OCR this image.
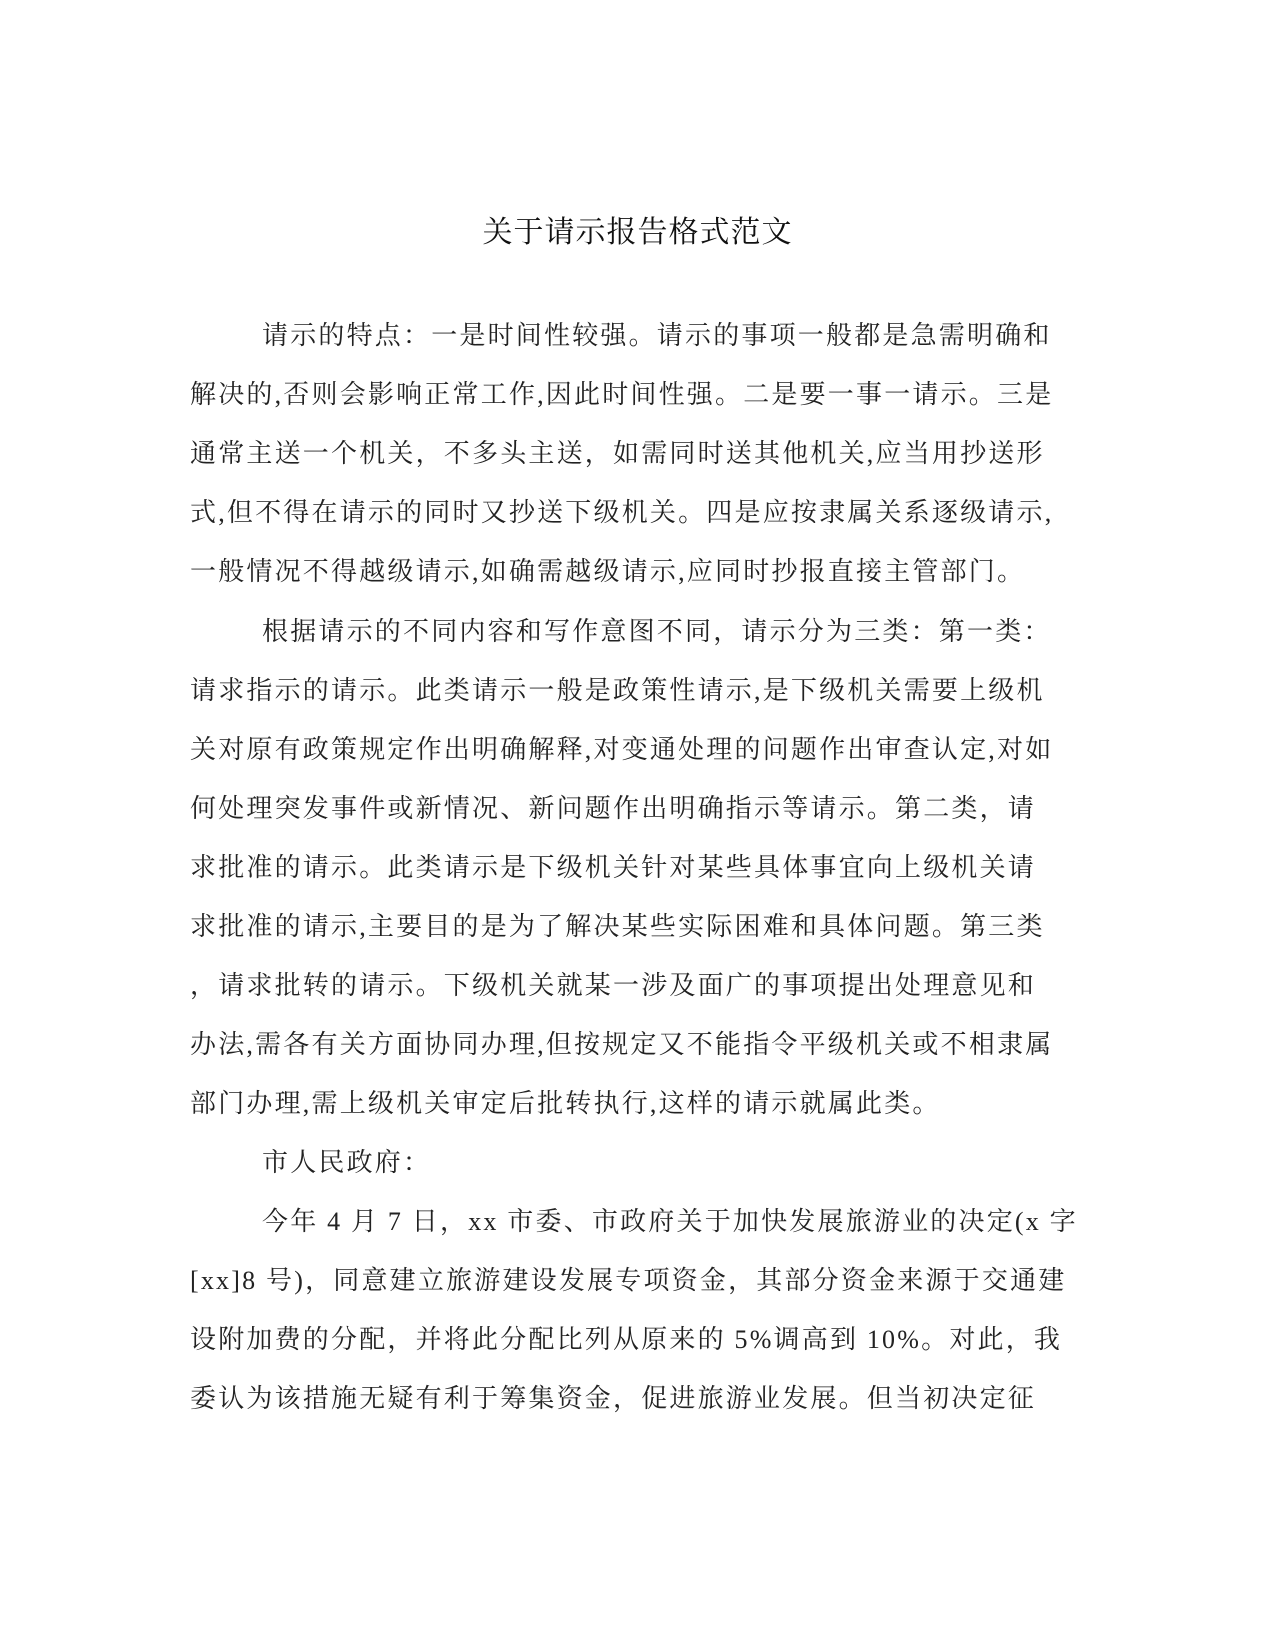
关于请示报告格式范文
请示的特点：一是时间性较强。请示的事项一般都是急需明确和
解决的,否则会影响正常工作,因此时间性强。二是要一事一请示。三是
通常主送一个机关，不多头主送，如需同时送其他机关,应当用抄送形
式,但不得在请示的同时又抄送下级机关。四是应按隶属关系逐级请示,
一般情况不得越级请示,如确需越级请示,应同时抄报直接主管部门。
根据请示的不同内容和写作意图不同，请示分为三类：第一类：
请求指示的请示。此类请示一般是政策性请示,是下级机关需要上级机
关对原有政策规定作出明确解释,对变通处理的问题作出审查认定,对如
何处理突发事件或新情况、新问题作出明确指示等请示。第二类，请
求批准的请示。此类请示是下级机关针对某些具体事宜向上级机关请
求批准的请示,主要目的是为了解决某些实际困难和具体问题。第三类
，请求批转的请示。下级机关就某一涉及面广的事项提出处理意见和
办法,需各有关方面协同办理,但按规定又不能指令平级机关或不相隶属
部门办理,需上级机关审定后批转执行,这样的请示就属此类。
市人民政府：
今年 4 月 7 日，xx 市委、市政府关于加快发展旅游业的决定(x 字
[xx]8 号)，同意建立旅游建设发展专项资金，其部分资金来源于交通建
设附加费的分配，并将此分配比列从原来的 5%调高到 10%。对此，我
委认为该措施无疑有利于筹集资金，促进旅游业发展。但当初决定征
